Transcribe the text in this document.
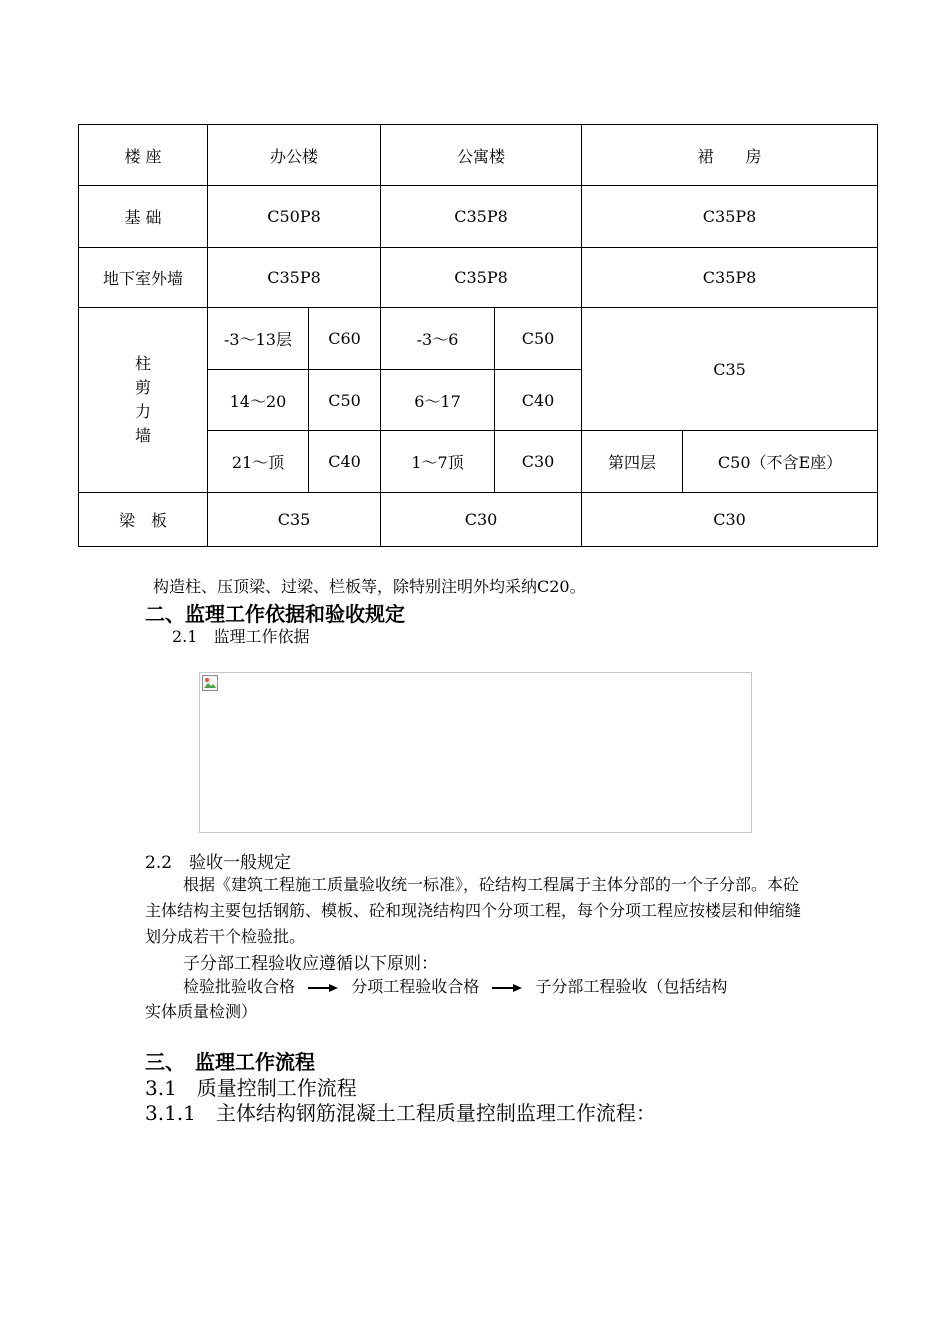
楼 座	办公楼		公寓楼		裙　　房	
基 础	C50P8		C35P8		C35P8	
地下室外墙	C35P8		C35P8		C35P8	

柱
剪
力
墙	-3～13层	C60	-3～6	C50	C35	
	14～20	C50	6～17	C40		
	21～顶	C40	1～7顶	C30	第四层	C50（不含E座）
梁　板	C35		C30		C30	
构造柱、压顶梁、过梁、栏板等，除特别注明外均采纳C20。
二、监理工作依据和验收规定
2.1　监理工作依据
2.2　验收一般规定
根据《建筑工程施工质量验收统一标准》，砼结构工程属于主体分部的一个子分部。本砼主体结构主要包括钢筋、模板、砼和现浇结构四个分项工程，每个分项工程应按楼层和伸缩缝划分成若干个检验批。
子分部工程验收应遵循以下原则：
检验批验收合格	分项工程验收合格	子分部工程验收（包括结构
实体质量检测）
三、　监理工作流程
3.1　质量控制工作流程
3.1.1　主体结构钢筋混凝土工程质量控制监理工作流程：
